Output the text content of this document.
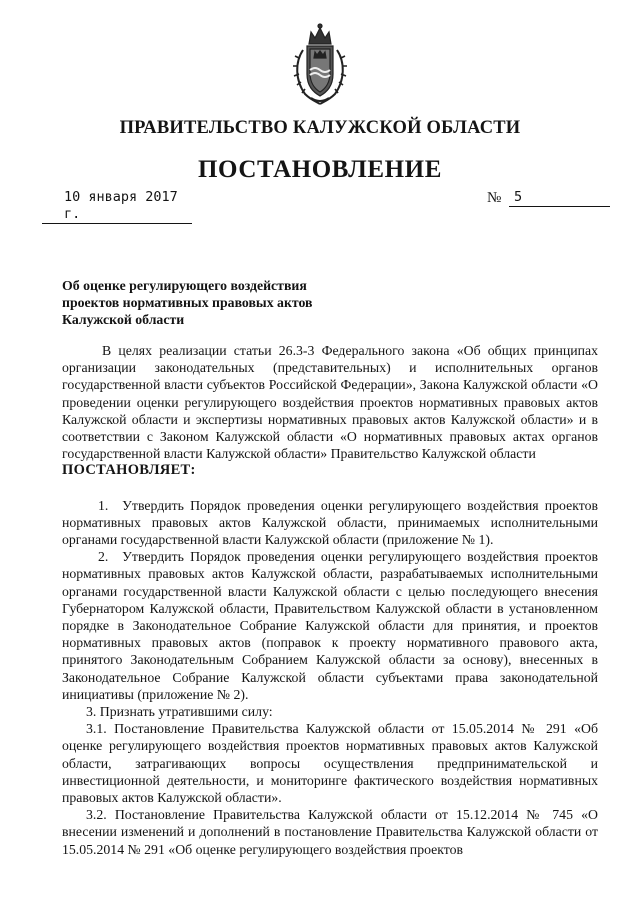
ПРАВИТЕЛЬСТВО КАЛУЖСКОЙ ОБЛАСТИ
ПОСТАНОВЛЕНИЕ
10 января 2017 г.
№ 5
Об оценке регулирующего воздействия
проектов нормативных правовых актов
Калужской области

В целях реализации статьи 26.3-3 Федерального закона «Об общих принципах организации законодательных (представительных) и исполнительных органов государственной власти субъектов Российской Федерации», Закона Калужской области «О проведении оценки регулирующего воздействия проектов нормативных правовых актов Калужской области и экспертизы нормативных правовых актов Калужской области» и в соответствии с Законом Калужской области «О нормативных правовых актах органов государственной власти Калужской области» Правительство Калужской области

ПОСТАНОВЛЯЕТ:

1. Утвердить Порядок проведения оценки регулирующего воздействия проектов нормативных правовых актов Калужской области, принимаемых исполнительными органами государственной власти Калужской области (приложение № 1).

2. Утвердить Порядок проведения оценки регулирующего воздействия проектов нормативных правовых актов Калужской области, разрабатываемых исполнительными органами государственной власти Калужской области с целью последующего внесения Губернатором Калужской области, Правительством Калужской области в установленном порядке в Законодательное Собрание Калужской области для принятия, и проектов нормативных правовых актов (поправок к проекту нормативного правового акта, принятого Законодательным Собранием Калужской области за основу), внесенных в Законодательное Собрание Калужской области субъектами права законодательной инициативы (приложение № 2).

3. Признать утратившими силу:

3.1. Постановление Правительства Калужской области от 15.05.2014 № 291 «Об оценке регулирующего воздействия проектов нормативных правовых актов Калужской области, затрагивающих вопросы осуществления предпринимательской и инвестиционной деятельности, и мониторинге фактического воздействия нормативных правовых актов Калужской области».

3.2. Постановление Правительства Калужской области от 15.12.2014 № 745 «О внесении изменений и дополнений в постановление Правительства Калужской области от 15.05.2014 № 291 «Об оценке регулирующего воздействия проектов
